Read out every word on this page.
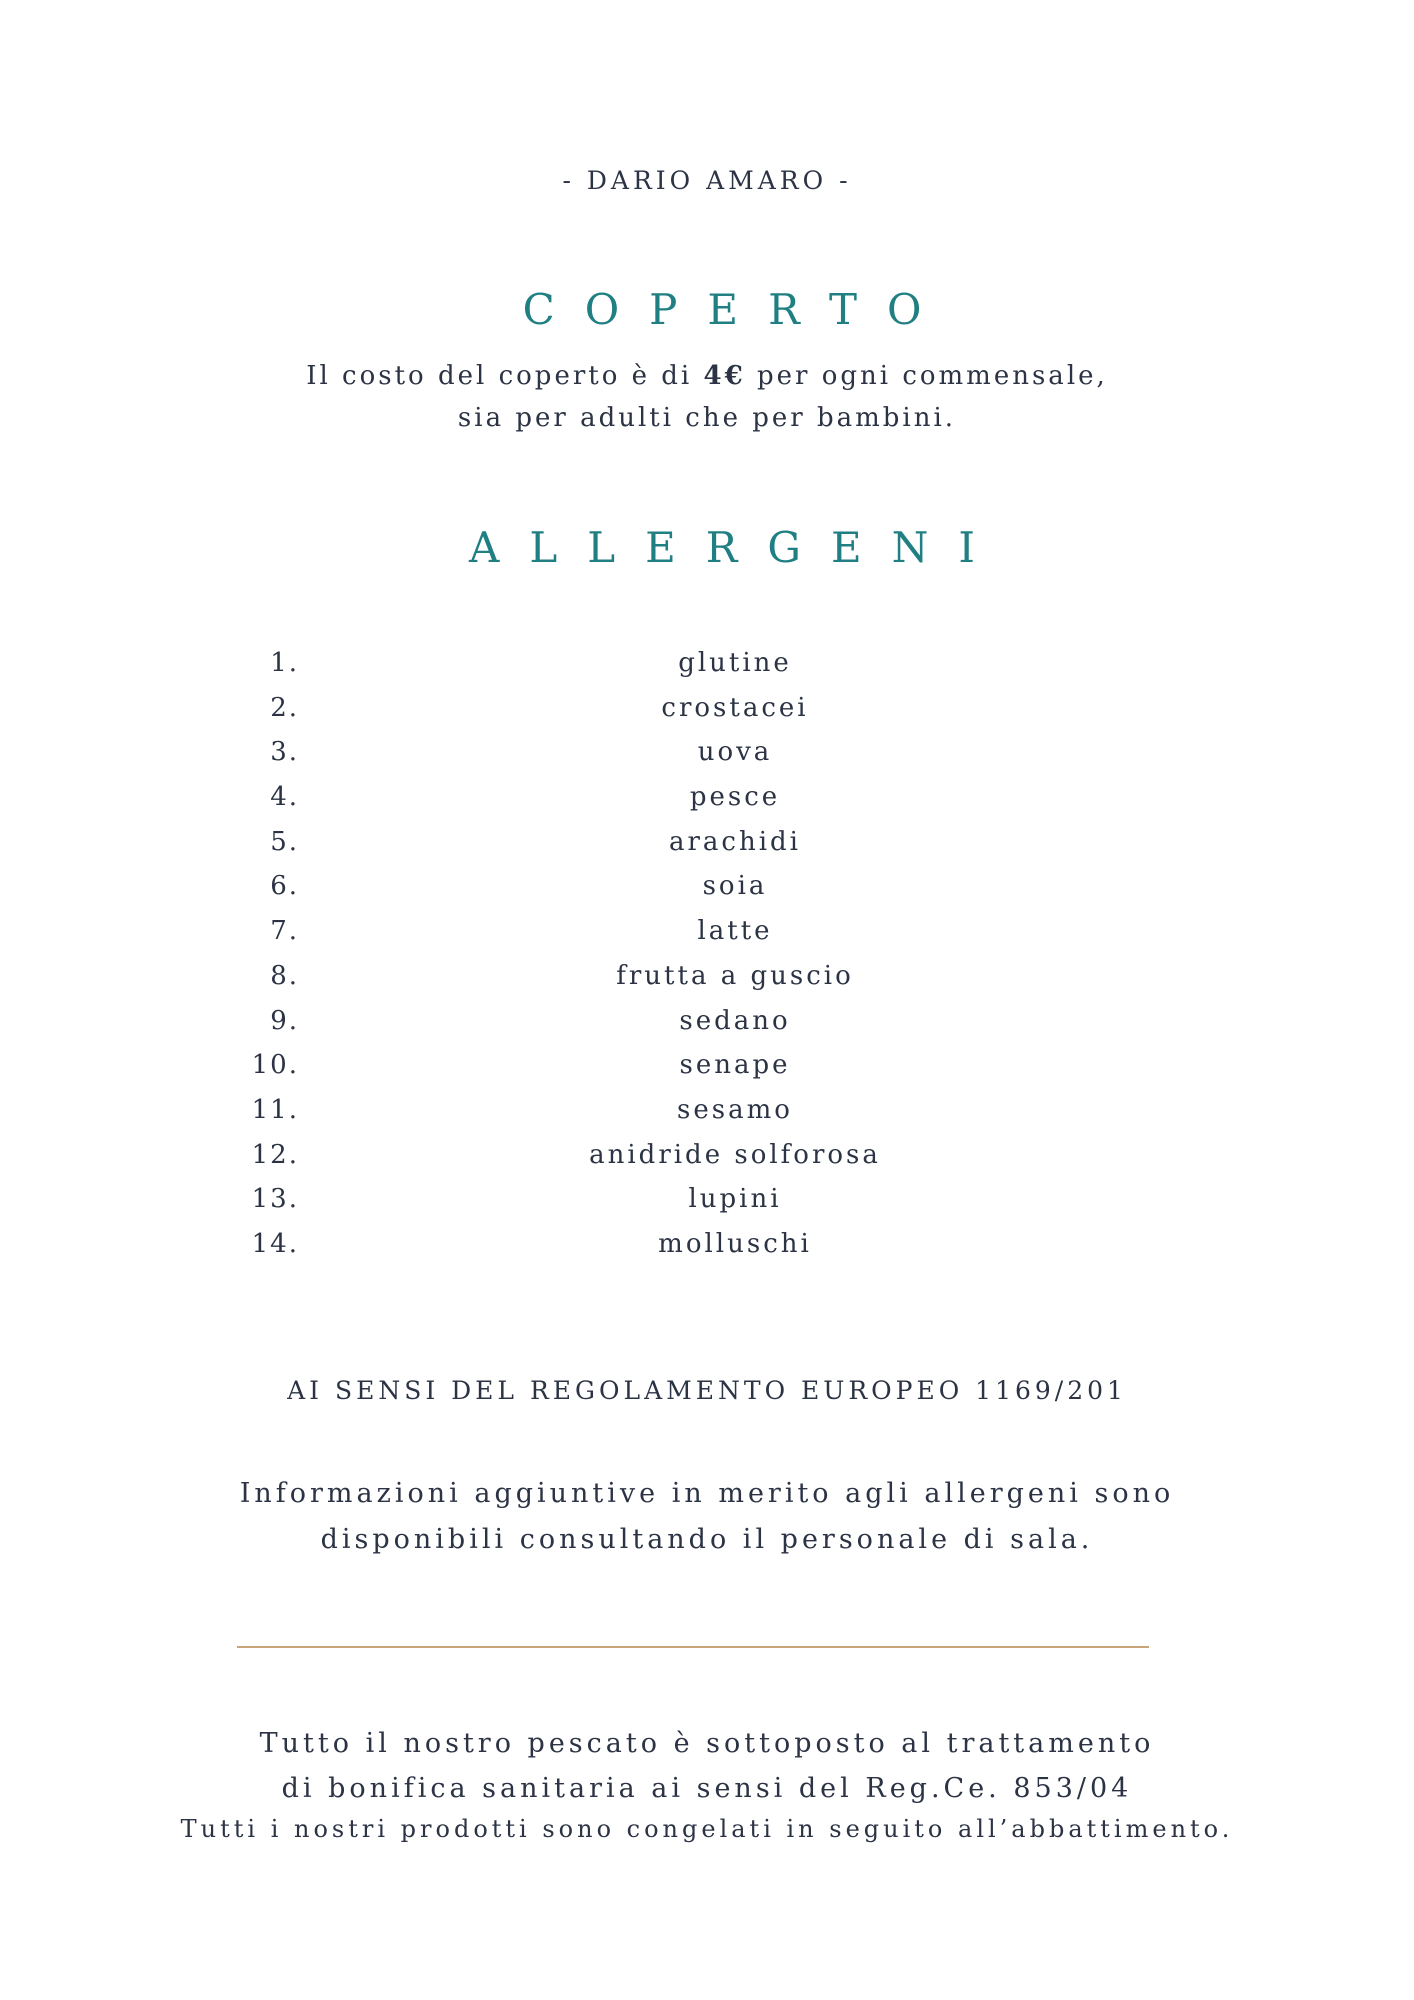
- DARIO AMARO -
COPERTO
Il costo del coperto è di 4€ per ogni commensale,
sia per adulti che per bambini.
ALLERGENI
1.	glutine
2.	crostacei
3.	uova
4.	pesce
5.	arachidi
6.	soia
7.	latte
8.	frutta a guscio
9.	sedano
10.	senape
11.	sesamo
12.	anidride solforosa
13.	lupini
14.	molluschi
AI SENSI DEL REGOLAMENTO EUROPEO 1169/201
Informazioni aggiuntive in merito agli allergeni sono
disponibili consultando il personale di sala.
Tutto il nostro pescato è sottoposto al trattamento
di bonifica sanitaria ai sensi del Reg.Ce. 853/04
Tutti i nostri prodotti sono congelati in seguito all’abbattimento.
